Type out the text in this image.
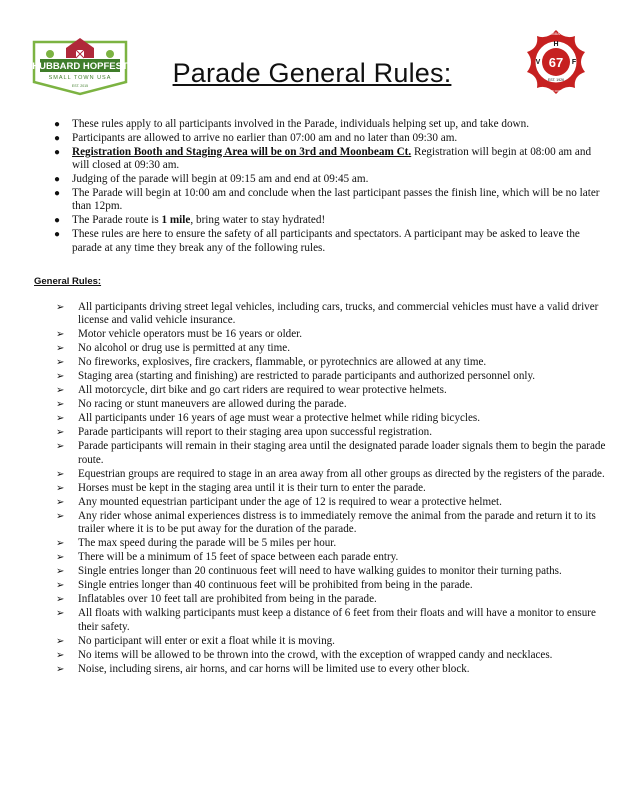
HUBBARD HOPFEST
SMALL TOWN USA
EST. 2015
67
H
V	F
EST. 1926
HUBBARD
VOLUNTEER FIREFIGHTERS
Parade General Rules:
● These rules apply to all participants involved in the Parade, individuals helping set up, and take down.
● Participants are allowed to arrive no earlier than 07:00 am and no later than 09:30 am.
● Registration Booth and Staging Area will be on 3rd and Moonbeam Ct. Registration will begin at 08:00 am and will closed at 09:30 am.
● Judging of the parade will begin at 09:15 am and end at 09:45 am.
● The Parade will begin at 10:00 am and conclude when the last participant passes the finish line, which will be no later than 12pm.
● The Parade route is 1 mile, bring water to stay hydrated!
● These rules are here to ensure the safety of all participants and spectators. A participant may be asked to leave the parade at any time they break any of the following rules.
General Rules:
➢ All participants driving street legal vehicles, including cars, trucks, and commercial vehicles must have a valid driver license and valid vehicle insurance.
➢ Motor vehicle operators must be 16 years or older.
➢ No alcohol or drug use is permitted at any time.
➢ No fireworks, explosives, fire crackers, flammable, or pyrotechnics are allowed at any time.
➢ Staging area (starting and finishing) are restricted to parade participants and authorized personnel only.
➢ All motorcycle, dirt bike and go cart riders are required to wear protective helmets.
➢ No racing or stunt maneuvers are allowed during the parade.
➢ All participants under 16 years of age must wear a protective helmet while riding bicycles.
➢ Parade participants will report to their staging area upon successful registration.
➢ Parade participants will remain in their staging area until the designated parade loader signals them to begin the parade route.
➢ Equestrian groups are required to stage in an area away from all other groups as directed by the registers of the parade.
➢ Horses must be kept in the staging area until it is their turn to enter the parade.
➢ Any mounted equestrian participant under the age of 12 is required to wear a protective helmet.
➢ Any rider whose animal experiences distress is to immediately remove the animal from the parade and return it to its trailer where it is to be put away for the duration of the parade.
➢ The max speed during the parade will be 5 miles per hour.
➢ There will be a minimum of 15 feet of space between each parade entry.
➢ Single entries longer than 20 continuous feet will need to have walking guides to monitor their turning paths.
➢ Single entries longer than 40 continuous feet will be prohibited from being in the parade.
➢ Inflatables over 10 feet tall are prohibited from being in the parade.
➢ All floats with walking participants must keep a distance of 6 feet from their floats and will have a monitor to ensure their safety.
➢ No participant will enter or exit a float while it is moving.
➢ No items will be allowed to be thrown into the crowd, with the exception of wrapped candy and necklaces.
➢ Noise, including sirens, air horns, and car horns will be limited use to every other block.
